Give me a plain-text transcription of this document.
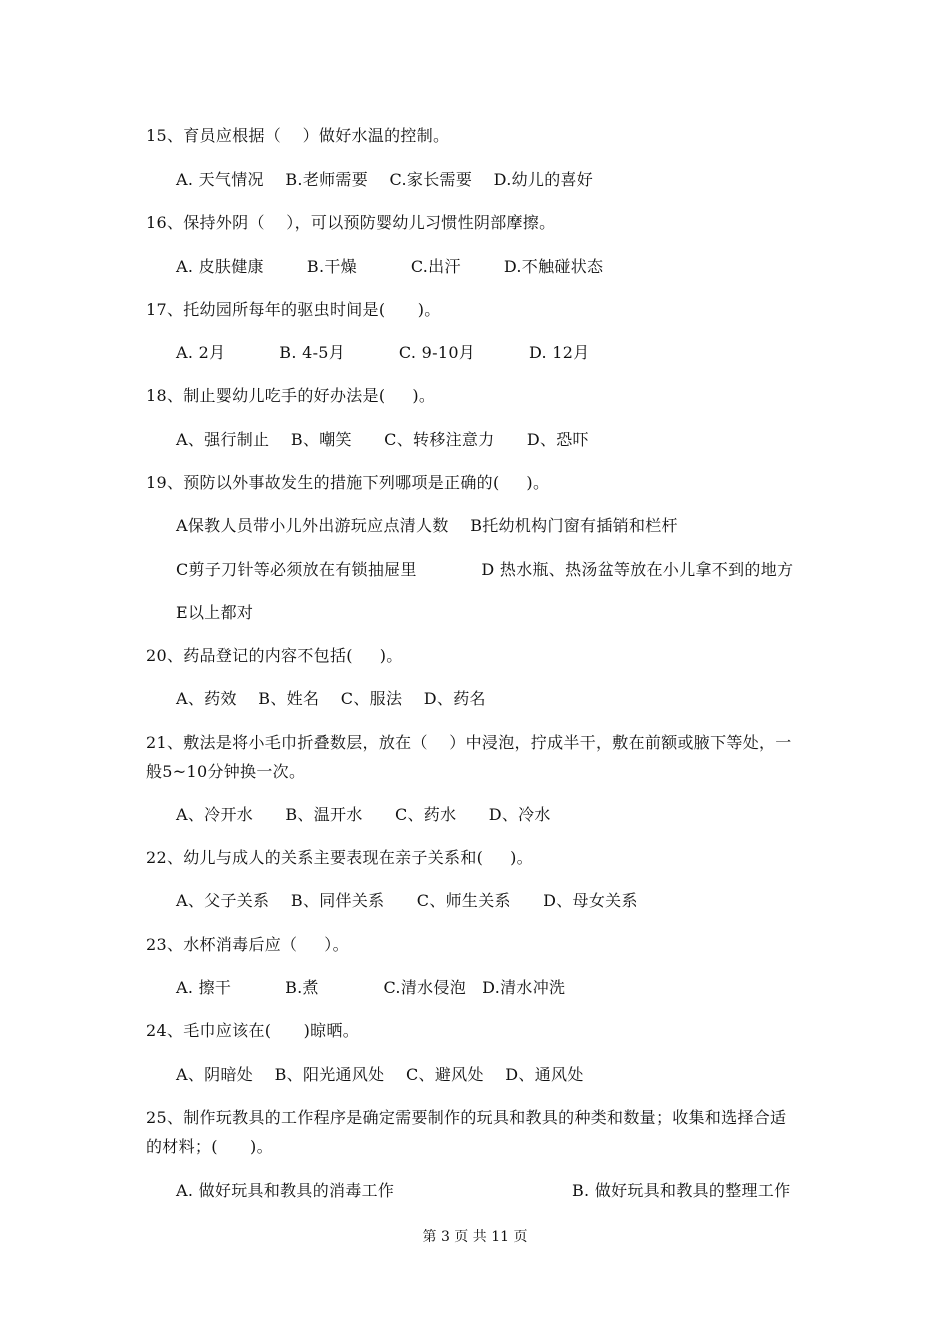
15、育员应根据（    ）做好水温的控制。
A. 天气情况    B.老师需要    C.家长需要    D.幼儿的喜好
16、保持外阴（    ），可以预防婴幼儿习惯性阴部摩擦。
A. 皮肤健康        B.干燥          C.出汗        D.不触碰状态
17、托幼园所每年的驱虫时间是(      )。
A. 2月          B. 4-5月          C. 9-10月          D. 12月
18、制止婴幼儿吃手的好办法是(     )。
A、强行制止    B、嘲笑      C、转移注意力      D、恐吓
19、预防以外事故发生的措施下列哪项是正确的(     )。
A保教人员带小儿外出游玩应点清人数    B托幼机构门窗有插销和栏杆
C剪子刀针等必须放在有锁抽屉里            D 热水瓶、热汤盆等放在小儿拿不到的地方
E以上都对
20、药品登记的内容不包括(     )。
A、药效    B、姓名    C、服法    D、药名
21、敷法是将小毛巾折叠数层，放在（    ）中浸泡，拧成半干，敷在前额或腋下等处，一
般5~10分钟换一次。
A、冷开水      B、温开水      C、药水      D、冷水
22、幼儿与成人的关系主要表现在亲子关系和(     )。
A、父子关系    B、同伴关系      C、师生关系      D、母女关系
23、水杯消毒后应（     ）。
A. 擦干          B.煮            C.清水侵泡   D.清水冲洗
24、毛巾应该在(      )晾晒。
A、阴暗处    B、阳光通风处    C、避风处    D、通风处
25、制作玩教具的工作程序是确定需要制作的玩具和教具的种类和数量；收集和选择合适
的材料；(      )。
A. 做好玩具和教具的消毒工作	B. 做好玩具和教具的整理工作
第 3 页 共 11 页
